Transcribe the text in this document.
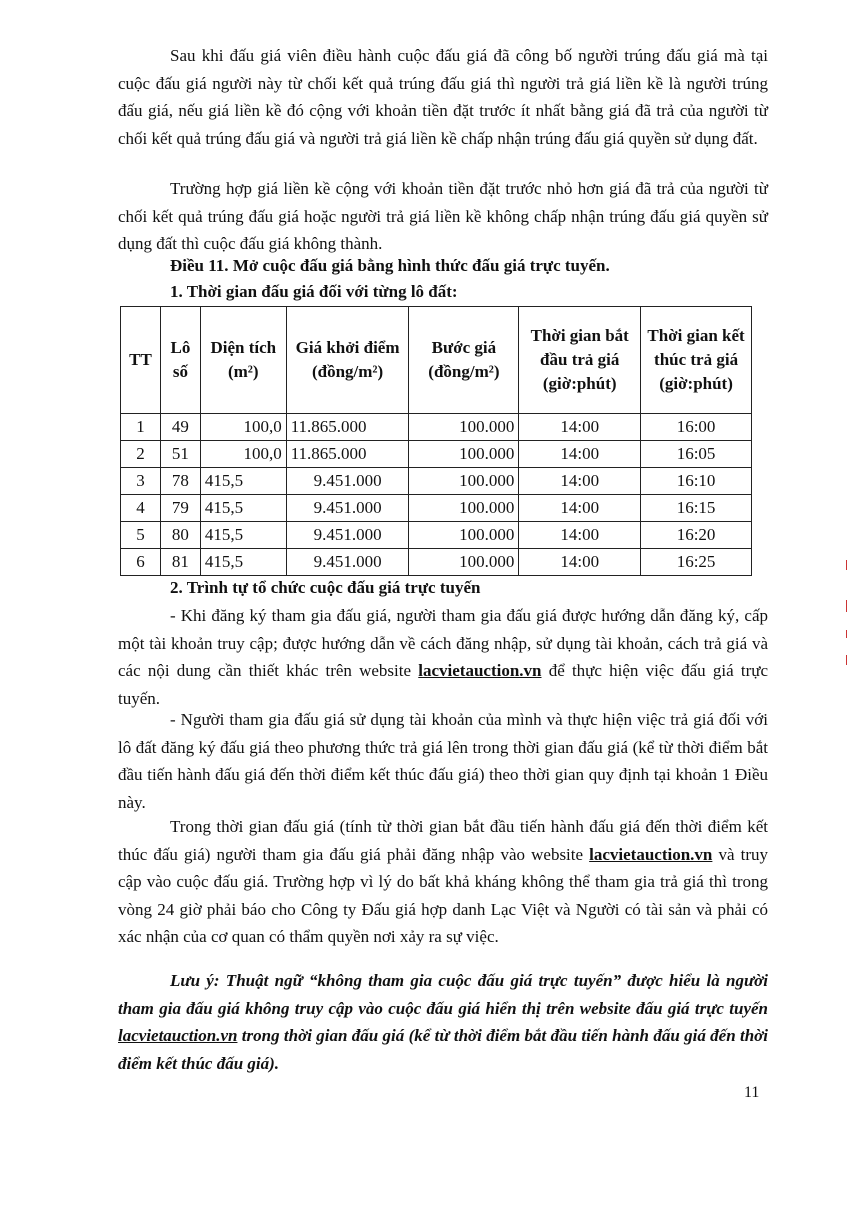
Sau khi đấu giá viên điều hành cuộc đấu giá đã công bố người trúng đấu giá mà tại cuộc đấu giá người này từ chối kết quả trúng đấu giá thì người trả giá liền kề là người trúng đấu giá, nếu giá liền kề đó cộng với khoản tiền đặt trước ít nhất bằng giá đã trả của người từ chối kết quả trúng đấu giá và người trả giá liền kề chấp nhận trúng đấu giá quyền sử dụng đất.

Trường hợp giá liền kề cộng với khoản tiền đặt trước nhỏ hơn giá đã trả của người từ chối kết quả trúng đấu giá hoặc người trả giá liền kề không chấp nhận trúng đấu giá quyền sử dụng đất thì cuộc đấu giá không thành.

Điều 11. Mở cuộc đấu giá bằng hình thức đấu giá trực tuyến.

1. Thời gian đấu giá đối với từng lô đất:

TT	Lô số	Diện tích (m²)	Giá khởi điểm (đồng/m²)	Bước giá (đồng/m²)	Thời gian bắt đầu trả giá (giờ:phút)	Thời gian kết thúc trả giá (giờ:phút)
1	49	100,0	11.865.000	100.000	14:00	16:00
2	51	100,0	11.865.000	100.000	14:00	16:05
3	78	415,5	9.451.000	100.000	14:00	16:10
4	79	415,5	9.451.000	100.000	14:00	16:15
5	80	415,5	9.451.000	100.000	14:00	16:20
6	81	415,5	9.451.000	100.000	14:00	16:25

2. Trình tự tổ chức cuộc đấu giá trực tuyến

- Khi đăng ký tham gia đấu giá, người tham gia đấu giá được hướng dẫn đăng ký, cấp một tài khoản truy cập; được hướng dẫn về cách đăng nhập, sử dụng tài khoản, cách trả giá và các nội dung cần thiết khác trên website lacvietauction.vn để thực hiện việc đấu giá trực tuyến.

- Người tham gia đấu giá sử dụng tài khoản của mình và thực hiện việc trả giá đối với lô đất đăng ký đấu giá theo phương thức trả giá lên trong thời gian đấu giá (kể từ thời điểm bắt đầu tiến hành đấu giá đến thời điểm kết thúc đấu giá) theo thời gian quy định tại khoản 1 Điều này.

Trong thời gian đấu giá (tính từ thời gian bắt đầu tiến hành đấu giá đến thời điểm kết thúc đấu giá) người tham gia đấu giá phải đăng nhập vào website lacvietauction.vn và truy cập vào cuộc đấu giá. Trường hợp vì lý do bất khả kháng không thể tham gia trả giá thì trong vòng 24 giờ phải báo cho Công ty Đấu giá hợp danh Lạc Việt và Người có tài sản và phải có xác nhận của cơ quan có thẩm quyền nơi xảy ra sự việc.

Lưu ý: Thuật ngữ “không tham gia cuộc đấu giá trực tuyến” được hiểu là người tham gia đấu giá không truy cập vào cuộc đấu giá hiển thị trên website đấu giá trực tuyến lacvietauction.vn trong thời gian đấu giá (kể từ thời điểm bắt đầu tiến hành đấu giá đến thời điểm kết thúc đấu giá).

11
